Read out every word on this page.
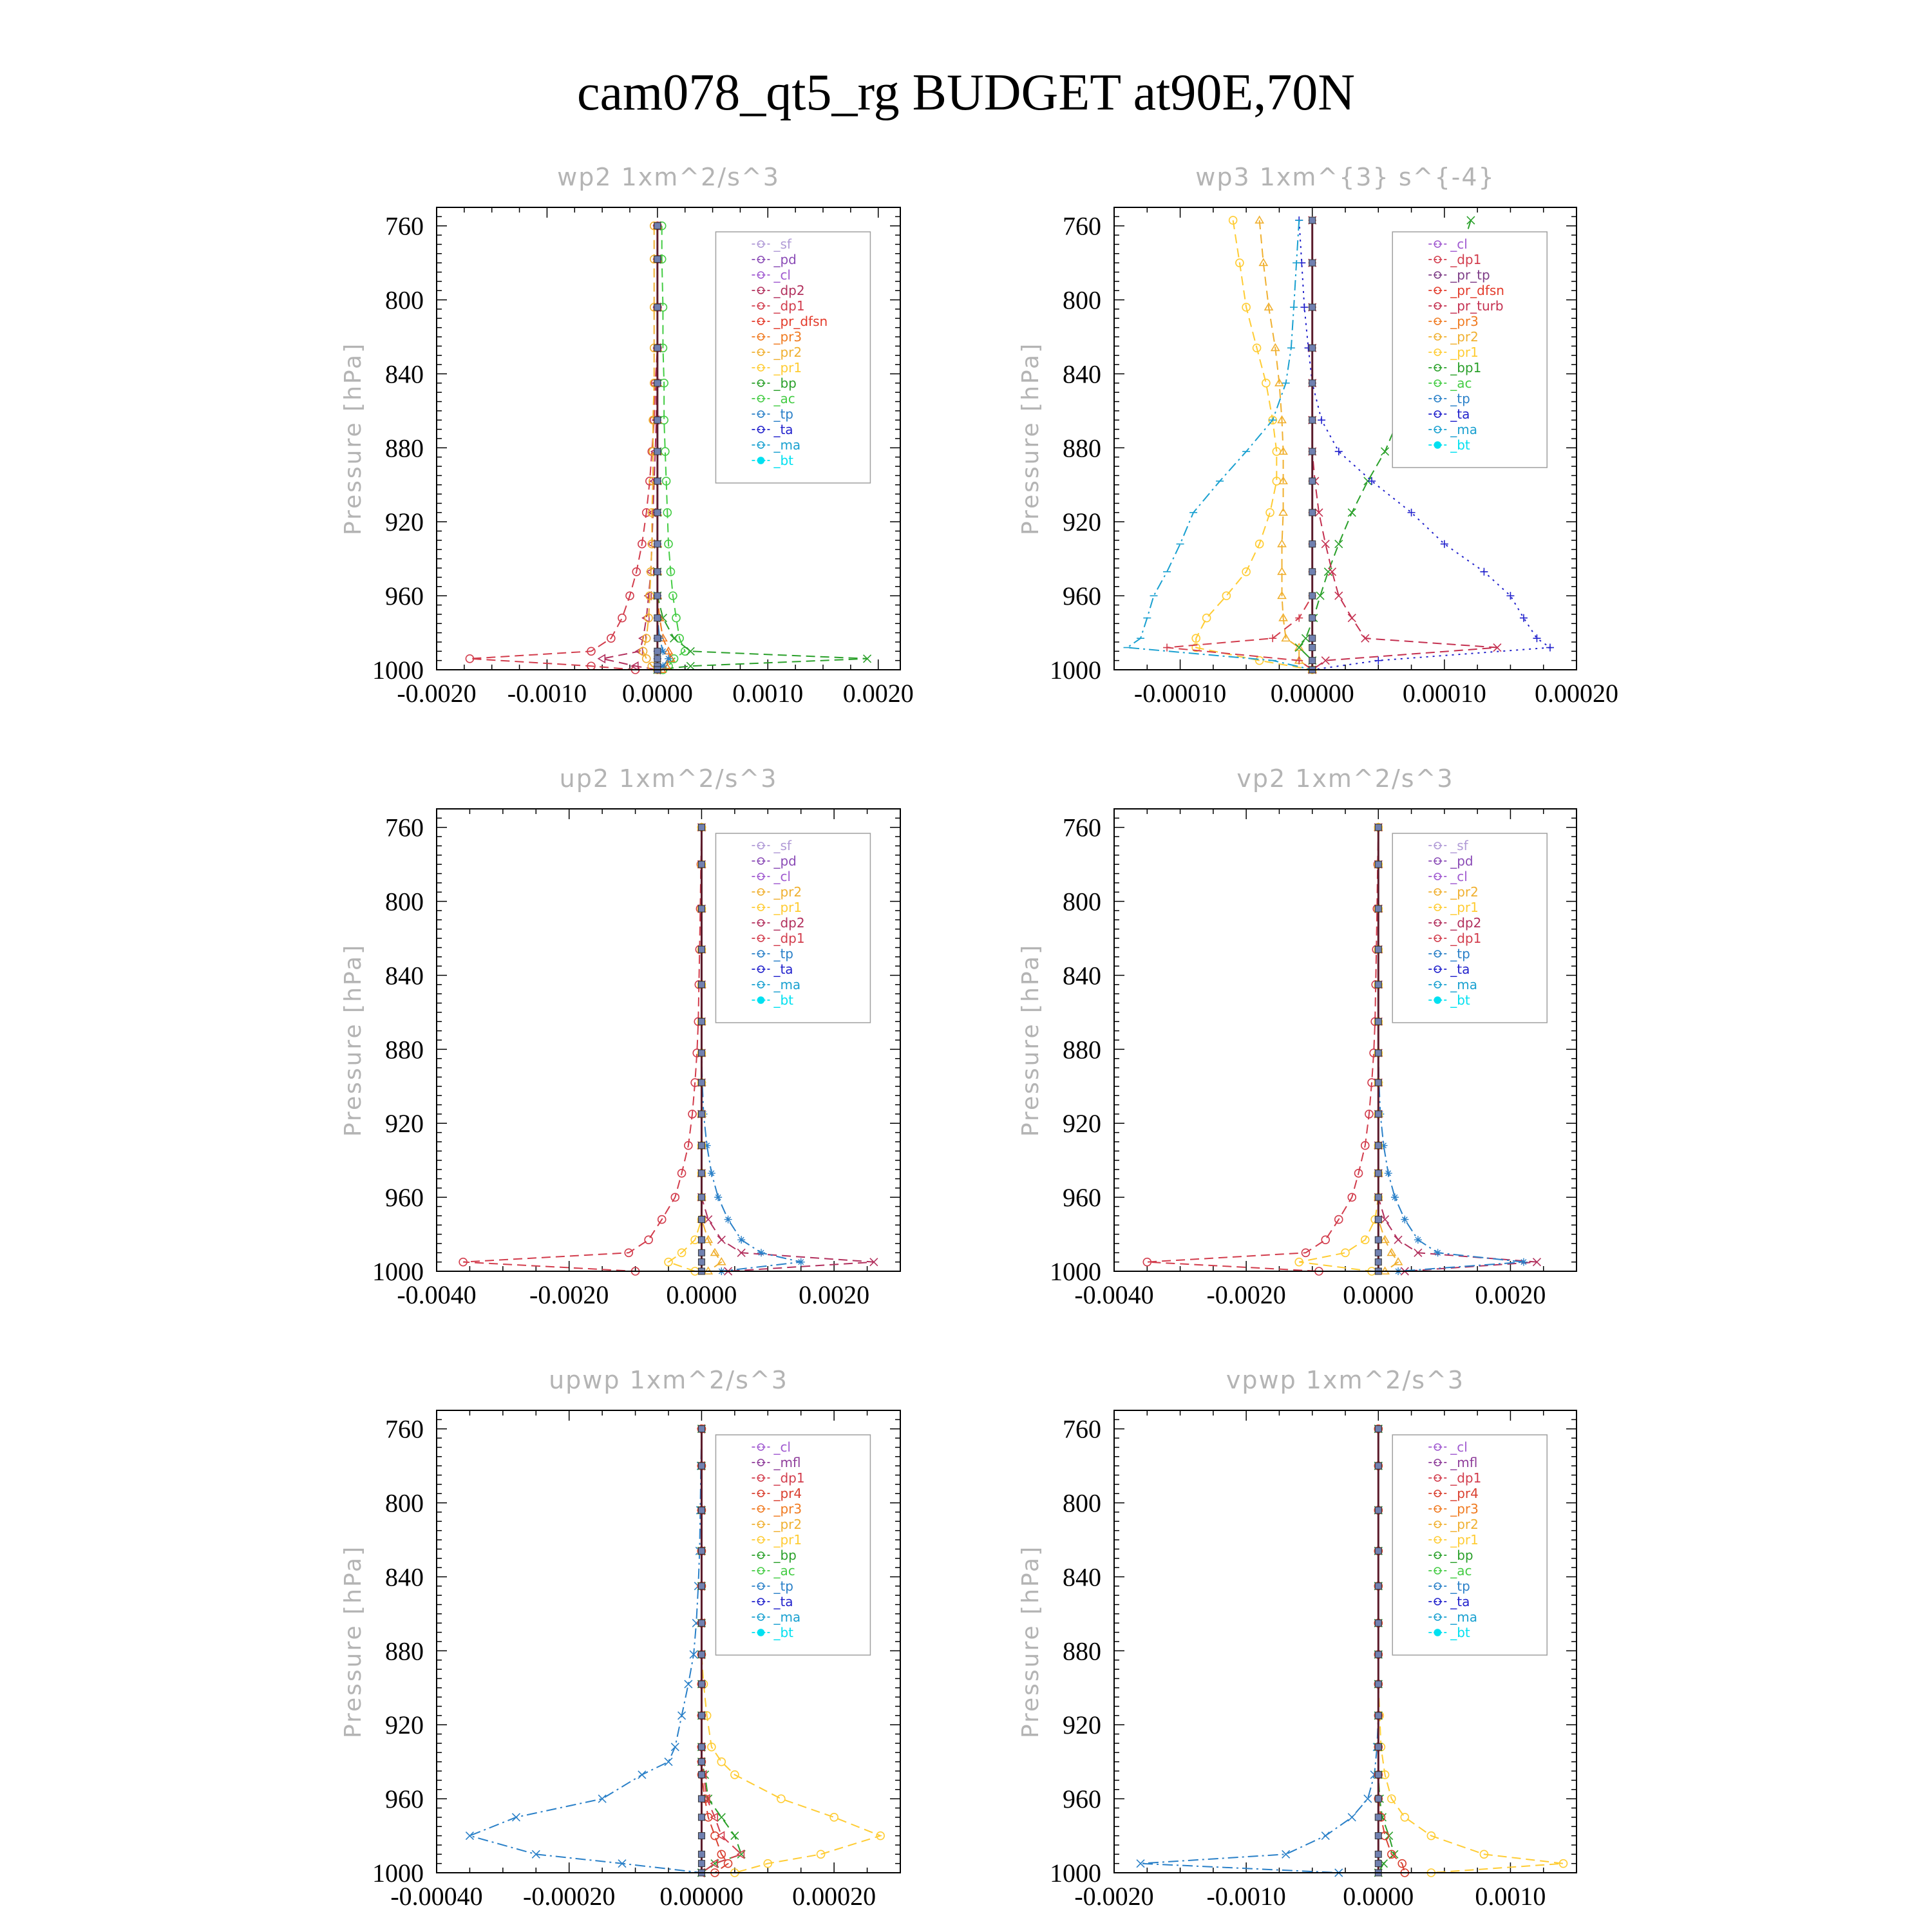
cam078_qt5_rg BUDGET at90E,70N
wp2 1xm^2/s^3
Pressure [hPa]
760
800
840
880
920
960
1000
-0.0020 -0.0010 0.0000 0.0010 0.0020
_sf
_pd
_cl
_dp2
_dp1
_pr_dfsn
_pr3
_pr2
_pr1
_bp
_ac
_tp
_ta
_ma
_bt
wp3 1xm^{3} s^{-4}
Pressure [hPa]
760
800
840
880
920
960
1000
-0.00010 0.00000 0.00010 0.00020
_cl
_dp1
_pr_tp
_pr_dfsn
_pr_turb
_pr3
_pr2
_pr1
_bp1
_ac
_tp
_ta
_ma
_bt
up2 1xm^2/s^3
Pressure [hPa]
760
800
840
880
920
960
1000
-0.0040 -0.0020 0.0000 0.0020
_sf
_pd
_cl
_pr2
_pr1
_dp2
_dp1
_tp
_ta
_ma
_bt
vp2 1xm^2/s^3
Pressure [hPa]
760
800
840
880
920
960
1000
-0.0040 -0.0020 0.0000 0.0020
_sf
_pd
_cl
_pr2
_pr1
_dp2
_dp1
_tp
_ta
_ma
_bt
upwp 1xm^2/s^3
Pressure [hPa]
760
800
840
880
920
960
1000
-0.00040 -0.00020 0.00000 0.00020
_cl
_mfl
_dp1
_pr4
_pr3
_pr2
_pr1
_bp
_ac
_tp
_ta
_ma
_bt
vpwp 1xm^2/s^3
Pressure [hPa]
760
800
840
880
920
960
1000
-0.0020 -0.0010 0.0000 0.0010
_cl
_mfl
_dp1
_pr4
_pr3
_pr2
_pr1
_bp
_ac
_tp
_ta
_ma
_bt
